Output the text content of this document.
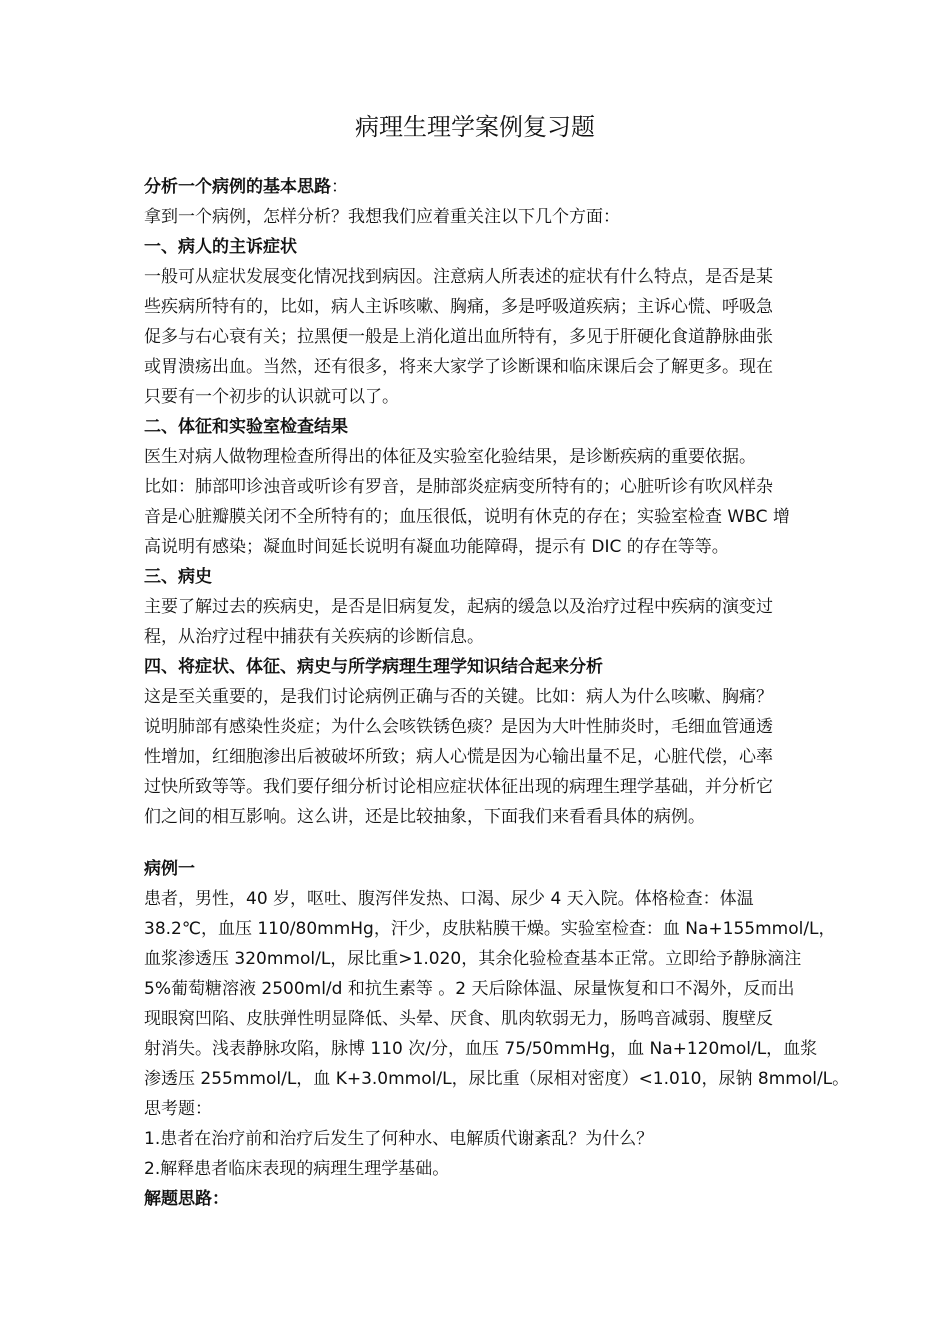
病理生理学案例复习题
分析一个病例的基本思路：
拿到一个病例，怎样分析？我想我们应着重关注以下几个方面：
一、病人的主诉症状
一般可从症状发展变化情况找到病因。注意病人所表述的症状有什么特点，是否是某
些疾病所特有的，比如，病人主诉咳嗽、胸痛，多是呼吸道疾病；主诉心慌、呼吸急
促多与右心衰有关；拉黑便一般是上消化道出血所特有，多见于肝硬化食道静脉曲张
或胃溃疡出血。当然，还有很多，将来大家学了诊断课和临床课后会了解更多。现在
只要有一个初步的认识就可以了。
二、体征和实验室检查结果
医生对病人做物理检查所得出的体征及实验室化验结果，是诊断疾病的重要依据。
比如：肺部叩诊浊音或听诊有罗音，是肺部炎症病变所特有的；心脏听诊有吹风样杂
音是心脏瓣膜关闭不全所特有的；血压很低，说明有休克的存在；实验室检查 WBC 增
高说明有感染；凝血时间延长说明有凝血功能障碍，提示有 DIC 的存在等等。
三、病史
主要了解过去的疾病史，是否是旧病复发，起病的缓急以及治疗过程中疾病的演变过
程，从治疗过程中捕获有关疾病的诊断信息。
四、将症状、体征、病史与所学病理生理学知识结合起来分析
这是至关重要的，是我们讨论病例正确与否的关键。比如：病人为什么咳嗽、胸痛？
说明肺部有感染性炎症；为什么会咳铁锈色痰？是因为大叶性肺炎时，毛细血管通透
性增加，红细胞渗出后被破坏所致；病人心慌是因为心输出量不足，心脏代偿，心率
过快所致等等。我们要仔细分析讨论相应症状体征出现的病理生理学基础，并分析它
们之间的相互影响。这么讲，还是比较抽象，下面我们来看看具体的病例。
病例一
患者，男性，40 岁，呕吐、腹泻伴发热、口渴、尿少 4 天入院。体格检查：体温
38.2℃，血压 110/80mmHg，汗少，皮肤粘膜干燥。实验室检查：血 Na+155mmol/L，
血浆渗透压 320mmol/L，尿比重>1.020，其余化验检查基本正常。立即给予静脉滴注
5%葡萄糖溶液 2500ml/d 和抗生素等 。2 天后除体温、尿量恢复和口不渴外，反而出
现眼窝凹陷、皮肤弹性明显降低、头晕、厌食、肌肉软弱无力，肠鸣音减弱、腹壁反
射消失。浅表静脉攻陷，脉博 110 次/分，血压 75/50mmHg，血 Na+120mol/L，血浆
渗透压 255mmol/L，血 K+3.0mmol/L，尿比重（尿相对密度）<1.010，尿钠 8mmol/L。
思考题：
1.患者在治疗前和治疗后发生了何种水、电解质代谢紊乱？为什么？
2.解释患者临床表现的病理生理学基础。
解题思路：
